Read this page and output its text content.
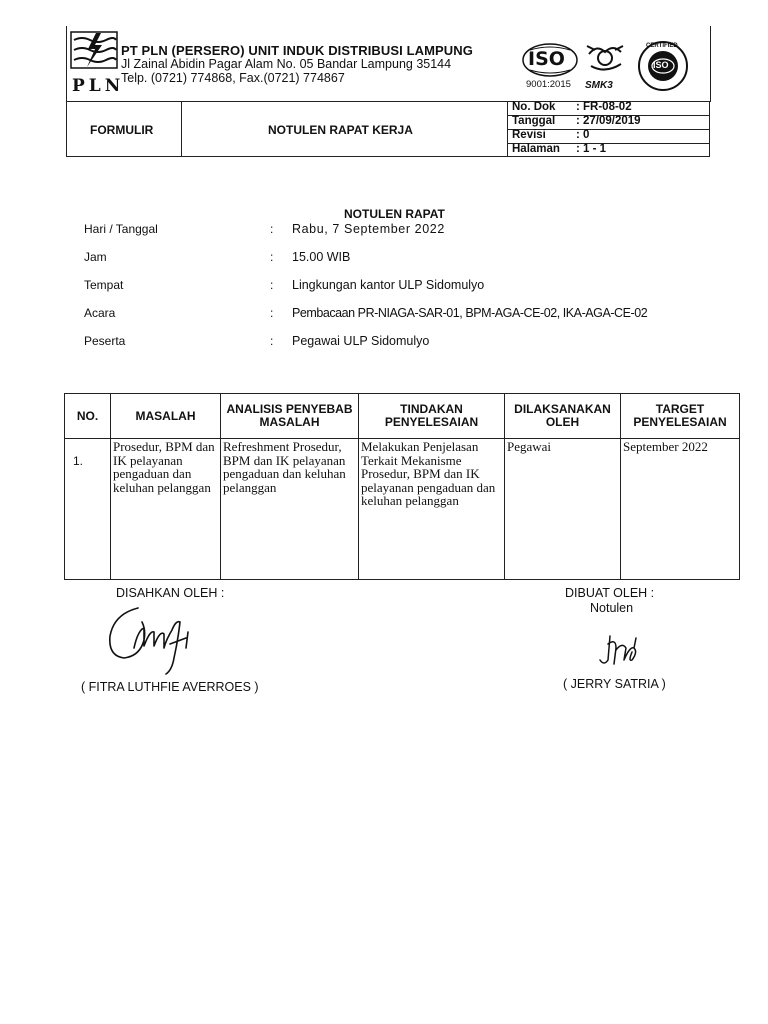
PLN
PT PLN (PERSERO) UNIT INDUK DISTRIBUSI LAMPUNG
Jl Zainal Abidin Pagar Alam No. 05 Bandar Lampung 35144
Telp. (0721) 774868, Fax.(0721) 774867
ISO
9001:2015 SMK3
ISO
CERTIFIED
FORMULIR	NOTULEN RAPAT KERJA
No. Dok : FR-08-02
Tanggal : 27/09/2019
Revisi	: 0
Halaman : 1 - 1
NOTULEN RAPAT
Hari / Tanggal	: Rabu, 7 September 2022
Jam	: 15.00 WIB
Tempat	: Lingkungan kantor ULP Sidomulyo
Acara	: Pembacaan PR-NIAGA-SAR-01, BPM-AGA-CE-02, IKA-AGA-CE-02
Peserta	: Pegawai ULP Sidomulyo
NO.	MASALAH	ANALISIS PENYEBAB MASALAH	TINDAKAN PENYELESAIAN	DILAKSANAKAN OLEH	TARGET PENYELESAIAN
1.	Prosedur, BPM dan IK pelayanan pengaduan dan keluhan pelanggan	Refreshment Prosedur, BPM dan IK pelayanan pengaduan dan keluhan pelanggan	Melakukan Penjelasan Terkait Mekanisme Prosedur, BPM dan IK pelayanan pengaduan dan keluhan pelanggan	Pegawai	September 2022
DISAHKAN OLEH :
( FITRA LUTHFIE AVERROES )
DIBUAT OLEH :
Notulen
( JERRY SATRIA )
